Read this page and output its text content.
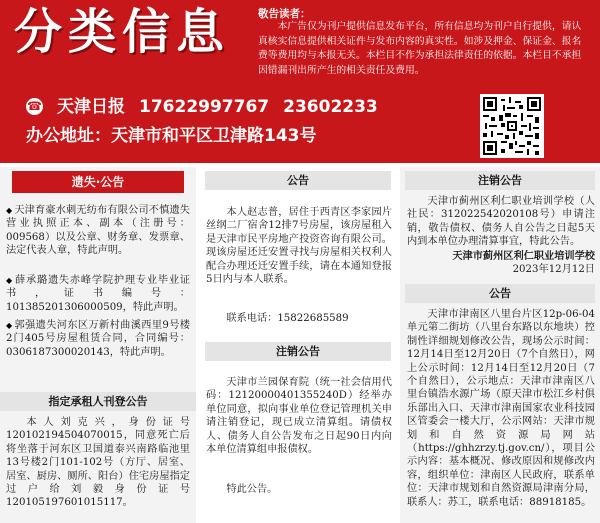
分类信息	敬告读者：
本广告仅为刊户提供信息发布平台，所有信息均为刊户自行提供，请认真核实信息提供相关证件与发布内容的真实性。如涉及押金、保证金、报名费等费用均与本报无关。本栏目不作为承担法律责任的依据。本栏目不承担因错漏刊出所产生的相关责任及费用。
☎ 天津日报 17622997767 23602233
办公地址：天津市和平区卫津路143号
遗失·公告
◆ 天津育豪水刺无纺布有限公司不慎遗失营业执照正本、副本（注册号：009568）以及公章、财务章、发票章、法定代表人章，特此声明。
◆ 薛承璐遗失赤峰学院护理专业毕业证书，证书编号：101385201306000509，特此声明。
◆ 郭强遗失河东区万新村曲溪西里9号楼2门405号房屋租赁合同，合同编号：0306187300020143，特此声明。
指定承租人刊登公告
本人刘克兴，身份证号120102194504070015，同意死亡后将坐落于河东区卫国道泰兴南路临池里13号楼2门101-102号（方厅、居室、居室、厨房、厕所、阳台）住宅房屋指定过户给刘毅身份证号120105197601015117。
公告
本人赵志普，居住于西青区李家园片丝纲二厂宿舍12排7号房屋，该房屋租入是天津市民平房地产投资咨询有限公司。现该房屋还迁安置寻找与房屋相关权利人配合办理还迁安置手续，请在本通知登报5日内与本人联系。
联系电话：15822685589
注销公告
天津市兰园保育院（统一社会信用代码：12120000401355240D）经举办单位同意，拟向事业单位登记管理机关申请注销登记，现已成立清算组。请债权人、债务人自公告发布之日起90日内向本单位清算组申报债权。
特此公告。
注销公告
天津市蓟州区利仁职业培训学校（人社民：31202254202010​8号）申请注销，敬告债权、债务人自公告之日起5天内到本单位办理清算事宜，特此公告。
天津市蓟州区利仁职业培训学校
2023年12月12日
公告
天津市津南区八里台片区12p-06-04单元第二街坊（八里台东路以东地块）控制性详细规划修改公告，现场公示时间：12月14日至12月20日（7个自然日），网上公示时间：12月14日至12月20日（7个自然日），公示地点：天津市津南区八里台镇浩水源广场（原天津市松江乡村俱乐部出入口、天津市津南国家农业科技园区管委会一楼大厅，公示网站：天津市规划和自然资源局网站（https://ghhzrzy.tj.gov.cn/），项目公示内容：基本概况、修改原因和规修改内容，组织单位：津南区人民政府，联系单位：天津市规划和自然资源局津南分局，联系人：苏工，联系电话：88918185。
